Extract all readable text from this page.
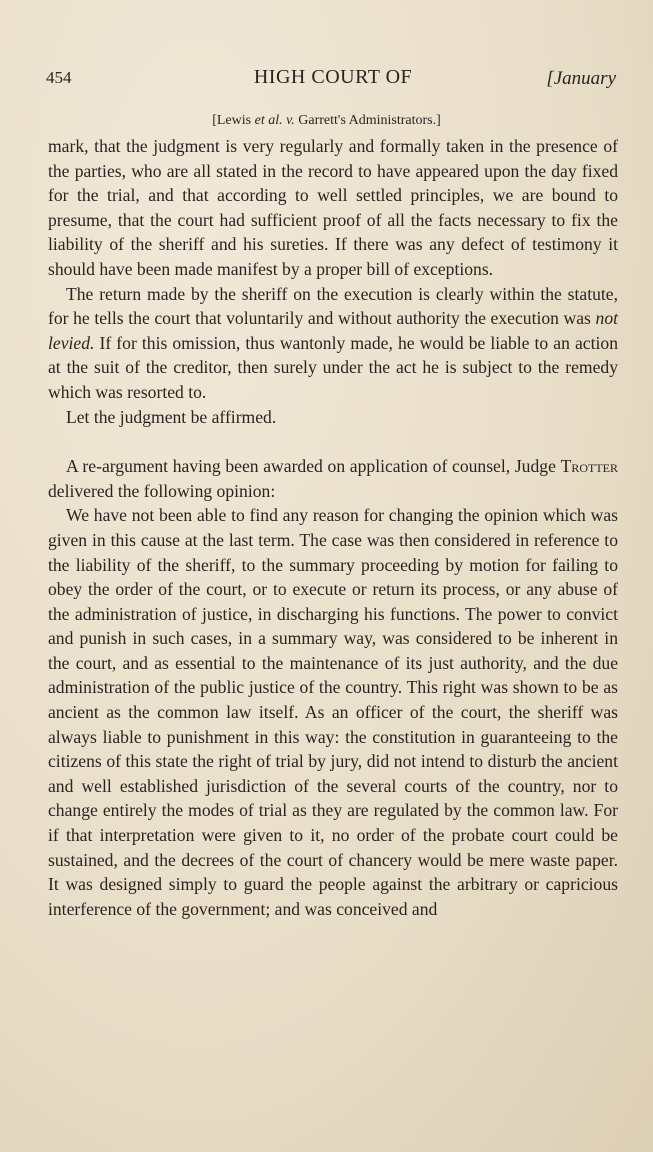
454	HIGH COURT OF	[January
[Lewis et al. v. Garrett's Administrators.]

mark, that the judgment is very regularly and formally taken in the presence of the parties, who are all stated in the record to have appeared upon the day fixed for the trial, and that according to well settled principles, we are bound to presume, that the court had sufficient proof of all the facts necessary to fix the liability of the sheriff and his sureties. If there was any defect of testimony it should have been made manifest by a proper bill of exceptions.

The return made by the sheriff on the execution is clearly within the statute, for he tells the court that voluntarily and without authority the execution was not levied. If for this omission, thus wantonly made, he would be liable to an action at the suit of the creditor, then surely under the act he is subject to the remedy which was resorted to.

Let the judgment be affirmed.

A re-argument having been awarded on application of counsel, Judge Trotter delivered the following opinion:

We have not been able to find any reason for changing the opinion which was given in this cause at the last term. The case was then considered in reference to the liability of the sheriff, to the summary proceeding by motion for failing to obey the order of the court, or to execute or return its process, or any abuse of the administration of justice, in discharging his functions. The power to convict and punish in such cases, in a summary way, was considered to be inherent in the court, and as essential to the maintenance of its just authority, and the due administration of the public justice of the country. This right was shown to be as ancient as the common law itself. As an officer of the court, the sheriff was always liable to punishment in this way: the constitution in guaranteeing to the citizens of this state the right of trial by jury, did not intend to disturb the ancient and well established jurisdiction of the several courts of the country, nor to change entirely the modes of trial as they are regulated by the common law. For if that interpretation were given to it, no order of the probate court could be sustained, and the decrees of the court of chancery would be mere waste paper. It was designed simply to guard the people against the arbitrary or capricious interference of the government; and was conceived and
